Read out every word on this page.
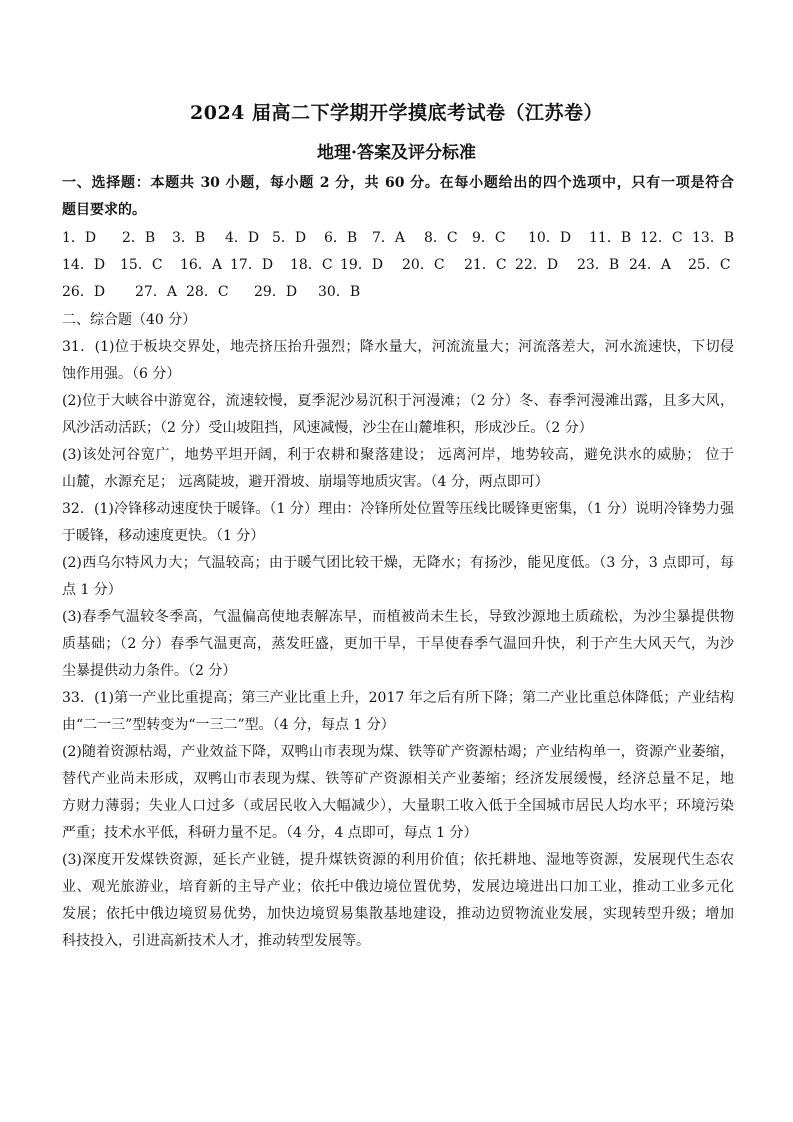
2024 届高二下学期开学摸底考试卷（江苏卷）
地理·答案及评分标准
一、选择题：本题共 30 小题，每小题 2 分，共 60 分。在每小题给出的四个选项中，只有一项是符合
题目要求的。
1．D 2．B 3．B 4．D 5．D 6．B 7．A 8．C 9．C 10．D 11．B 12．C 13．B
14．D 15．C 16．A 17．D 18．C 19．D 20．C 21．C 22．D 23．B 24．A 25．C
26．D 27．A 28．C 29．D 30．B
二、综合题（40 分）
31．(1)位于板块交界处，地壳挤压抬升强烈；降水量大，河流流量大；河流落差大，河水流速快，下切侵
蚀作用强。（6 分）
(2)位于大峡谷中游宽谷，流速较慢，夏季泥沙易沉积于河漫滩；（2 分）冬、春季河漫滩出露，且多大风，
风沙活动活跃；（2 分）受山坡阻挡，风速减慢，沙尘在山麓堆积，形成沙丘。（2 分）
(3)该处河谷宽广，地势平坦开阔，利于农耕和聚落建设； 远离河岸，地势较高，避免洪水的威胁； 位于
山麓，水源充足； 远离陡坡，避开滑坡、崩塌等地质灾害。（4 分，两点即可）
32．(1)冷锋移动速度快于暖锋。（1 分）理由：冷锋所处位置等压线比暖锋更密集，（1 分）说明冷锋势力强
于暖锋，移动速度更快。（1 分）
(2)西乌尔特风力大；气温较高；由于暖气团比较干燥，无降水；有扬沙，能见度低。（3 分，3 点即可，每
点 1 分）
(3)春季气温较冬季高，气温偏高使地表解冻早，而植被尚未生长，导致沙源地土质疏松，为沙尘暴提供物
质基础；（2 分）春季气温更高，蒸发旺盛，更加干旱，干旱使春季气温回升快，利于产生大风天气，为沙
尘暴提供动力条件。（2 分）
33．(1)第一产业比重提高；第三产业比重上升，2017 年之后有所下降；第二产业比重总体降低；产业结构
由“二一三”型转变为“一三二”型。（4 分，每点 1 分）
(2)随着资源枯竭，产业效益下降，双鸭山市表现为煤、铁等矿产资源枯竭；产业结构单一，资源产业萎缩，
替代产业尚未形成，双鸭山市表现为煤、铁等矿产资源相关产业萎缩；经济发展缓慢，经济总量不足，地
方财力薄弱；失业人口过多（或居民收入大幅减少），大量职工收入低于全国城市居民人均水平；环境污染
严重；技术水平低，科研力量不足。（4 分，4 点即可，每点 1 分）
(3)深度开发煤铁资源，延长产业链，提升煤铁资源的利用价值；依托耕地、湿地等资源，发展现代生态农
业、观光旅游业，培育新的主导产业；依托中俄边境位置优势，发展边境进出口加工业，推动工业多元化
发展；依托中俄边境贸易优势，加快边境贸易集散基地建设，推动边贸物流业发展，实现转型升级；增加
科技投入，引进高新技术人才，推动转型发展等。
